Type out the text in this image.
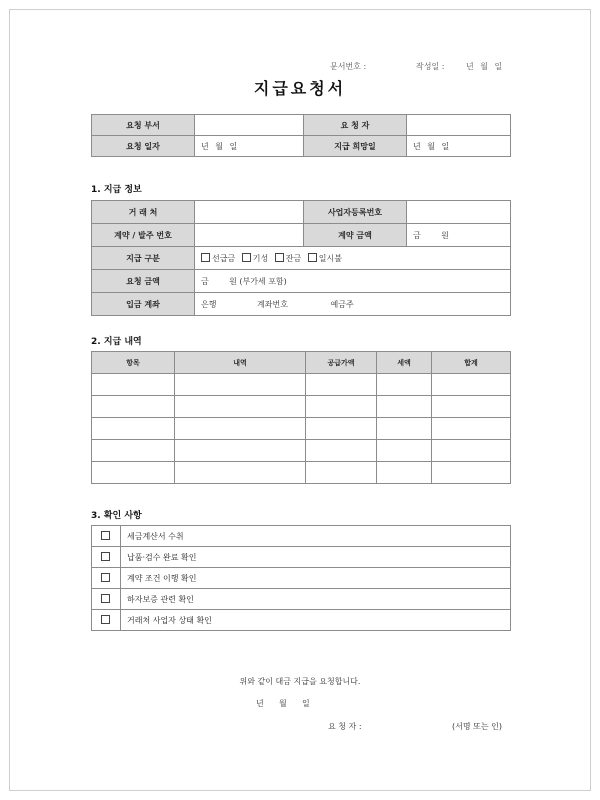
문서번호 :	작성일 :	년 월 일
지급요청서
요청 부서		요 청 자	
요청 일자	년 월 일	지급 희망일	년 월 일
1. 지급 정보
거 래 처		사업자등록번호	
계약 / 발주 번호		계약 금액	금        원
지급 구분	선급금 기성 잔금 일시불		
요청 금액	금        원 (부가세 포함)		
입금 계좌	은행 계좌번호 예금주		
2. 지급 내역
항목	내역	공급가액	세액	합계

3. 확인 사항
	세금계산서 수취
	납품·검수 완료 확인
	계약 조건 이행 확인
	하자보증 관련 확인
	거래처 사업자 상태 확인
위와 같이 대금 지급을 요청합니다.
년      월      일
요 청 자 :	(서명 또는 인)
